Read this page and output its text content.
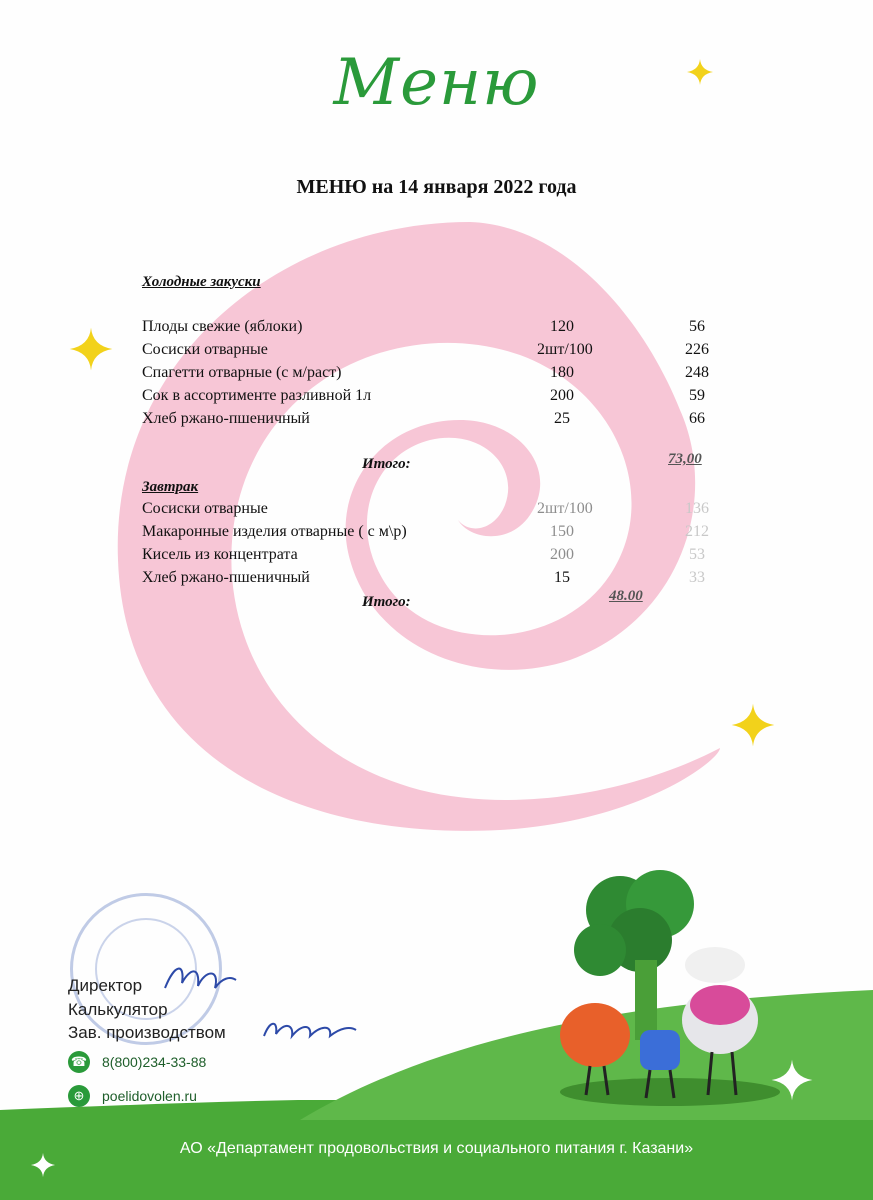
Меню
МЕНЮ на 14 января 2022 года
Холодные закуски
Плоды свежие (яблоки)	120	56
Сосиски отварные	2шт/100	226
Спагетти отварные (с м/раст)	180	248
Сок в ассортименте разливной 1л	200	59
Хлеб ржано-пшеничный	25	66
Итого:	73,00
Завтрак
Сосиски отварные	2шт/100	136
Макаронные изделия отварные ( с м\р)	150	212
Кисель из концентрата	200	53
Хлеб ржано-пшеничный	15	33
Итого:	48.00
Директор
Калькулятор
Зав. производством
☎ 8(800)234-33-88
⊕	poelidovolen.ru
АО «Департамент продовольствия и социального питания г. Казани»
